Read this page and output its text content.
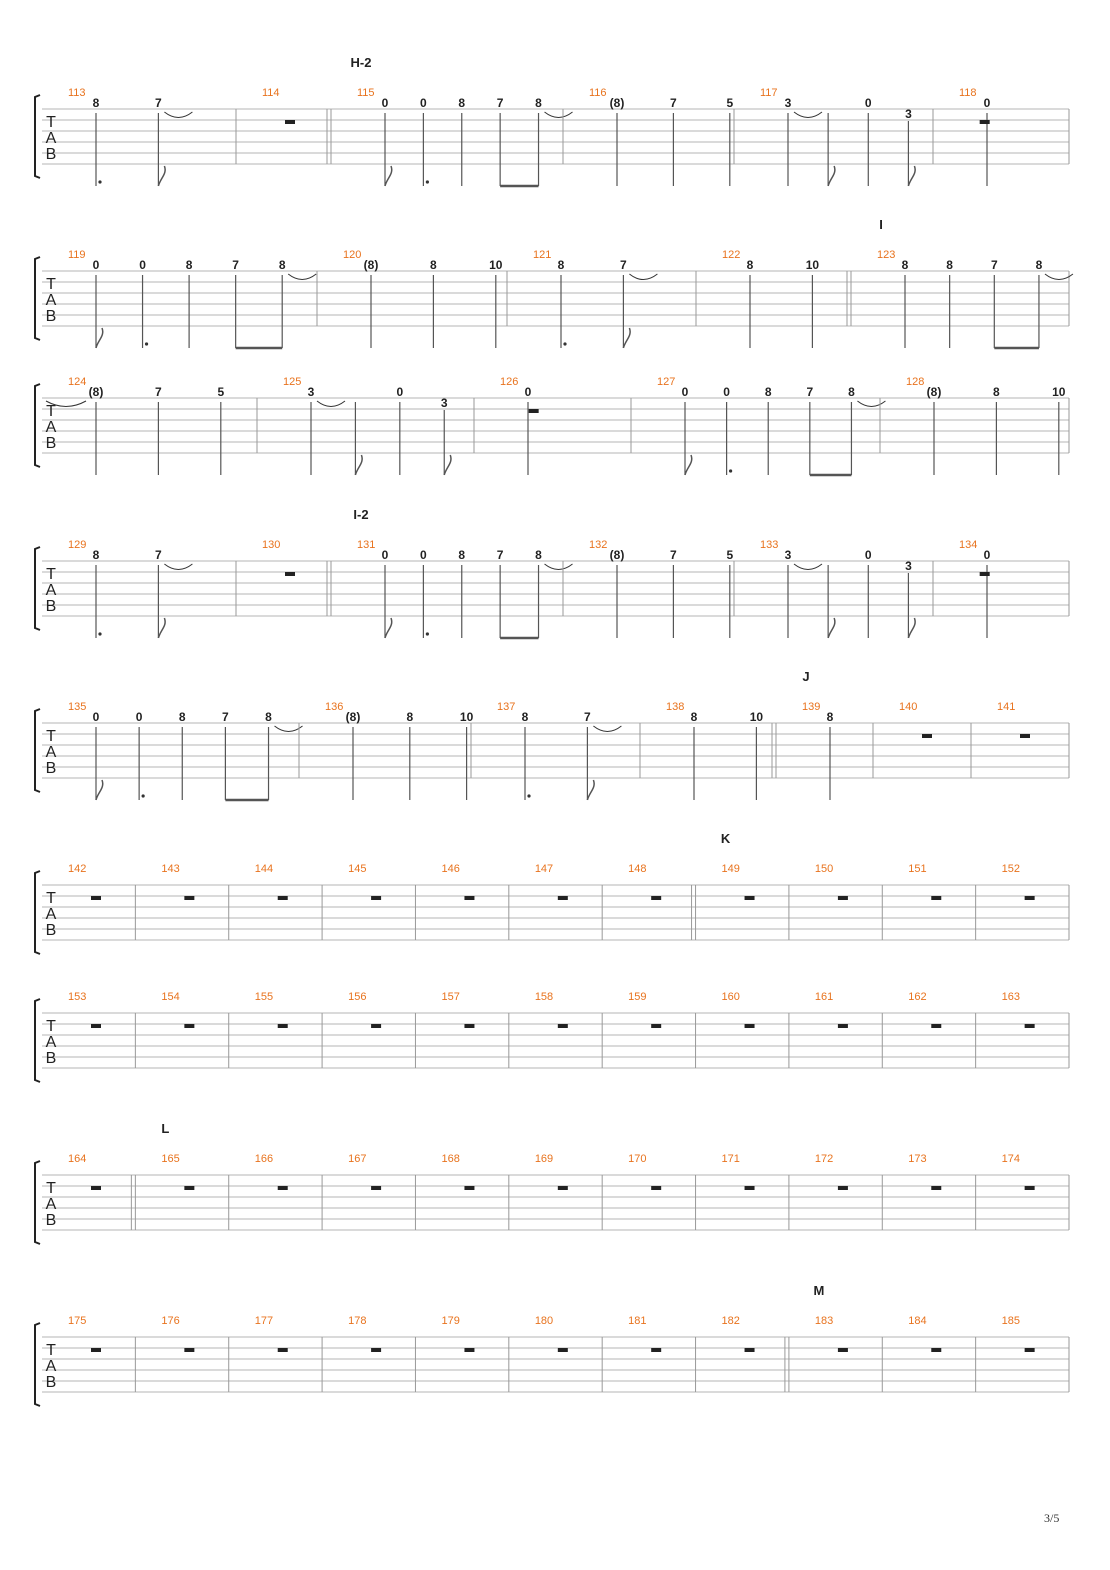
T
A
B
H-2
113
8	7
114	115
0	0	8	7	8
116
(8)	7	5
117
3	0
3
118
0
T
A
B
I
119
0	0	8	7	8
120
(8)	8	10
121
8	7
122
8	10
123
8	8	7	8
T
A
B
124
(8)	7	5
125
3	0
3
126
0
127
0	0	8	7	8
128
(8)	8	10
T
A
B
I-2
129
8	7
130	131
0	0	8	7	8
132
(8)	7	5
133
3	0
3
134
0
T
A
B
J
135
0	0	8	7	8
136
(8)	8	10
137
8	7
138
8	10
139
8
140	141
T
A
B
K
142	143	144	145	146	147	148	149	150	151	152
T
A
B
153	154	155	156	157	158	159	160	161	162	163
T
A
B
L
164	165	166	167	168	169	170	171	172	173	174
T
A
B
M
175	176	177	178	179	180	181	182	183	184	185
3/5
